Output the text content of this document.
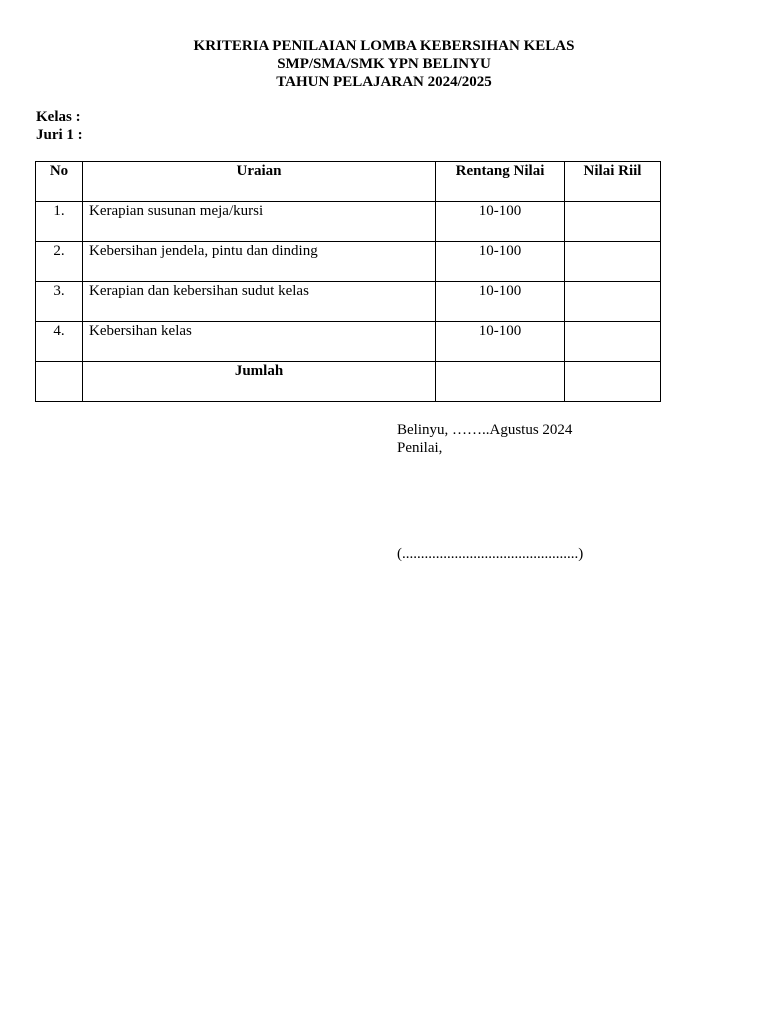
KRITERIA PENILAIAN LOMBA KEBERSIHAN KELAS
SMP/SMA/SMK YPN BELINYU
TAHUN PELAJARAN 2024/2025
Kelas :
Juri 1 :
No	Uraian	Rentang Nilai	Nilai Riil
1.	Kerapian susunan meja/kursi	10-100	
2.	Kebersihan jendela, pintu dan dinding	10-100	
3.	Kerapian dan kebersihan sudut kelas	10-100	
4.	Kebersihan kelas	10-100	
	Jumlah		
Belinyu, ……..Agustus 2024
Penilai,
(...............................................)
